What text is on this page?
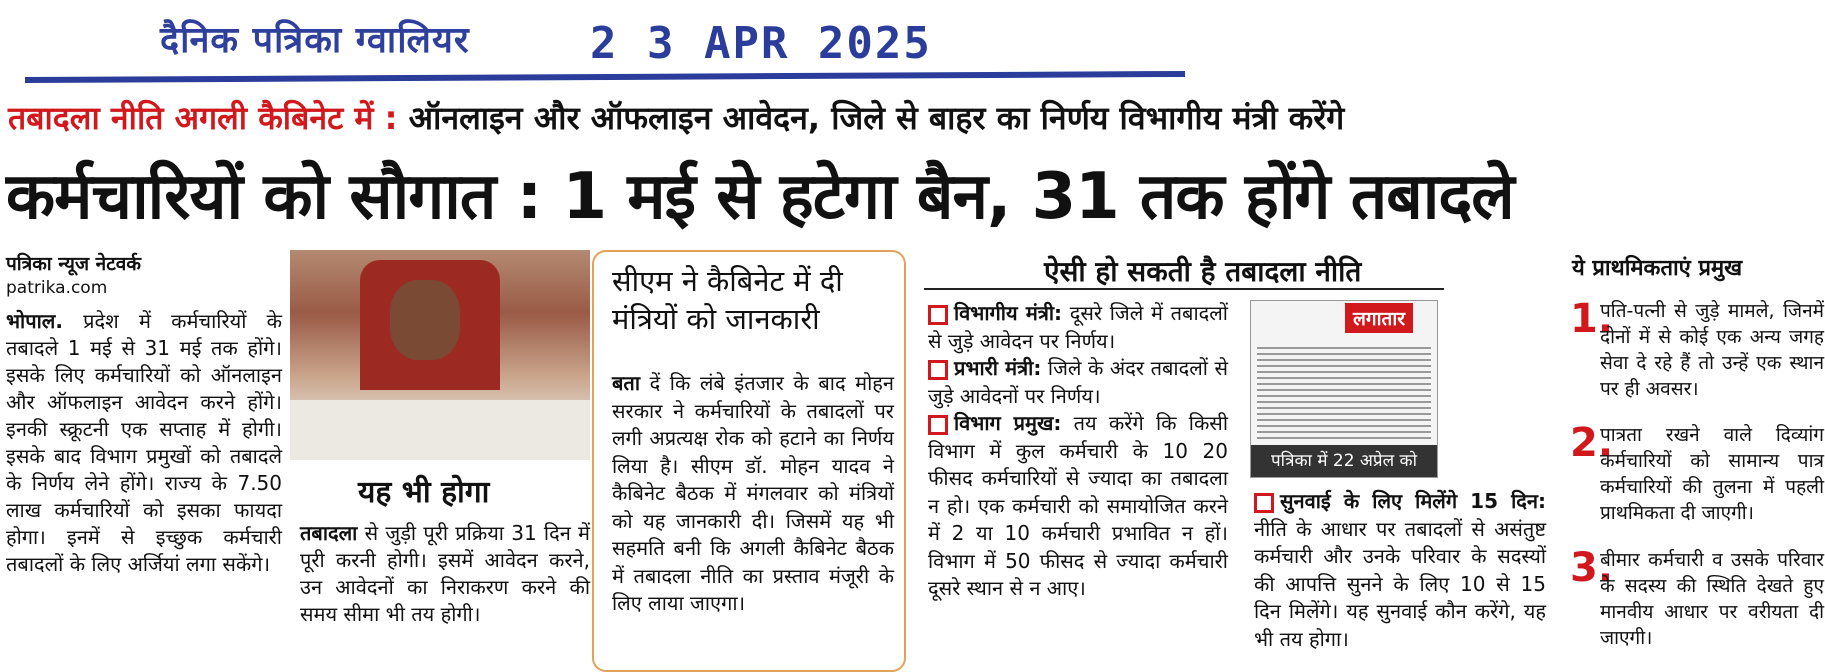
दैनिक पत्रिका ग्वालियर	2 3 APR 2025
तबादला नीति अगली कैबिनेट में : ऑनलाइन और ऑफलाइन आवेदन, जिले से बाहर का निर्णय विभागीय मंत्री करेंगे
कर्मचारियों को सौगात : 1 मई से हटेगा बैन, 31 तक होंगे तबादले
पत्रिका न्यूज नेटवर्क
patrika.com
भोपाल. प्रदेश में कर्मचारियों के तबादले 1 मई से 31 मई तक होंगे। इसके लिए कर्मचारियों को ऑनलाइन और ऑफलाइन आवेदन करने होंगे। इनकी स्क्रूटनी एक सप्ताह में होगी। इसके बाद विभाग प्रमुखों को तबादले के निर्णय लेने होंगे। राज्य के 7.50 लाख कर्मचारियों को इसका फायदा होगा। इनमें से इच्छुक कर्मचारी तबादलों के लिए अर्जियां लगा सकेंगे।
यह भी होगा
तबादला से जुड़ी पूरी प्रक्रिया 31 दिन में पूरी करनी होगी। इसमें आवेदन करने, उन आवेदनों का निराकरण करने की समय सीमा भी तय होगी।
सीएम ने कैबिनेट में दी मंत्रियों को जानकारी
बता दें कि लंबे इंतजार के बाद मोहन सरकार ने कर्मचारियों के तबादलों पर लगी अप्रत्यक्ष रोक को हटाने का निर्णय लिया है। सीएम डॉ. मोहन यादव ने कैबिनेट बैठक में मंगलवार को मंत्रियों को यह जानकारी दी। जिसमें यह भी सहमति बनी कि अगली कैबिनेट बैठक में तबादला नीति का प्रस्ताव मंजूरी के लिए लाया जाएगा।
ऐसी हो सकती है तबादला नीति
विभागीय मंत्री: दूसरे जिले में तबादलों से जुड़े आवेदन पर निर्णय।
प्रभारी मंत्री: जिले के अंदर तबादलों से जुड़े आवेदनों पर निर्णय।
विभाग प्रमुख: तय करेंगे कि किसी विभाग में कुल कर्मचारी के 10 20 फीसद कर्मचारियों से ज्यादा का तबादला न हो। एक कर्मचारी को समायोजित करने में 2 या 10 कर्मचारी प्रभावित न हों। विभाग में 50 फीसद से ज्यादा कर्मचारी दूसरे स्थान से न आए।
लगातार
पत्रिका में 22 अप्रेल को
सुनवाई के लिए मिलेंगे 15 दिन: नीति के आधार पर तबादलों से असंतुष्ट कर्मचारी और उनके परिवार के सदस्यों की आपत्ति सुनने के लिए 10 से 15 दिन मिलेंगे। यह सुनवाई कौन करेंगे, यह भी तय होगा।
ये प्राथमिकताएं प्रमुख
1.
पति-पत्नी से जुड़े मामले, जिनमें दोनों में से कोई एक अन्य जगह सेवा दे रहे हैं तो उन्हें एक स्थान पर ही अवसर।
2.
पात्रता रखने वाले दिव्यांग कर्मचारियों को सामान्य पात्र कर्मचारियों की तुलना में पहली प्राथमिकता दी जाएगी।
3.
बीमार कर्मचारी व उसके परिवार के सदस्य की स्थिति देखते हुए मानवीय आधार पर वरीयता दी जाएगी।
